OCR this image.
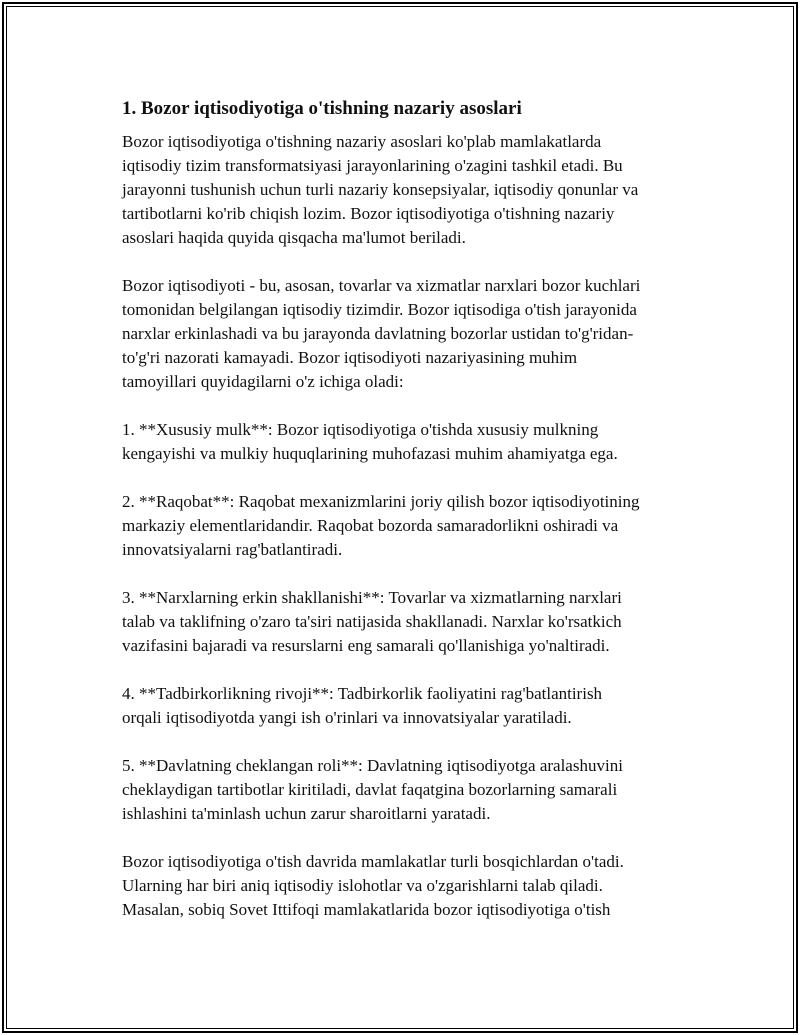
1. Bozor iqtisodiyotiga o'tishning nazariy asoslari

Bozor iqtisodiyotiga o'tishning nazariy asoslari ko'plab mamlakatlarda
iqtisodiy tizim transformatsiyasi jarayonlarining o'zagini tashkil etadi. Bu
jarayonni tushunish uchun turli nazariy konsepsiyalar, iqtisodiy qonunlar va
tartibotlarni ko'rib chiqish lozim. Bozor iqtisodiyotiga o'tishning nazariy
asoslari haqida quyida qisqacha ma'lumot beriladi.

Bozor iqtisodiyoti - bu, asosan, tovarlar va xizmatlar narxlari bozor kuchlari
tomonidan belgilangan iqtisodiy tizimdir. Bozor iqtisodiga o'tish jarayonida
narxlar erkinlashadi va bu jarayonda davlatning bozorlar ustidan to'g'ridan-
to'g'ri nazorati kamayadi. Bozor iqtisodiyoti nazariyasining muhim
tamoyillari quyidagilarni o'z ichiga oladi:

1. **Xususiy mulk**: Bozor iqtisodiyotiga o'tishda xususiy mulkning
kengayishi va mulkiy huquqlarining muhofazasi muhim ahamiyatga ega.

2. **Raqobat**: Raqobat mexanizmlarini joriy qilish bozor iqtisodiyotining
markaziy elementlaridandir. Raqobat bozorda samaradorlikni oshiradi va
innovatsiyalarni rag'batlantiradi.

3. **Narxlarning erkin shakllanishi**: Tovarlar va xizmatlarning narxlari
talab va taklifning o'zaro ta'siri natijasida shakllanadi. Narxlar ko'rsatkich
vazifasini bajaradi va resurslarni eng samarali qo'llanishiga yo'naltiradi.

4. **Tadbirkorlikning rivoji**: Tadbirkorlik faoliyatini rag'batlantirish
orqali iqtisodiyotda yangi ish o'rinlari va innovatsiyalar yaratiladi.

5. **Davlatning cheklangan roli**: Davlatning iqtisodiyotga aralashuvini
cheklaydigan tartibotlar kiritiladi, davlat faqatgina bozorlarning samarali
ishlashini ta'minlash uchun zarur sharoitlarni yaratadi.

Bozor iqtisodiyotiga o'tish davrida mamlakatlar turli bosqichlardan o'tadi.
Ularning har biri aniq iqtisodiy islohotlar va o'zgarishlarni talab qiladi.
Masalan, sobiq Sovet Ittifoqi mamlakatlarida bozor iqtisodiyotiga o'tish
